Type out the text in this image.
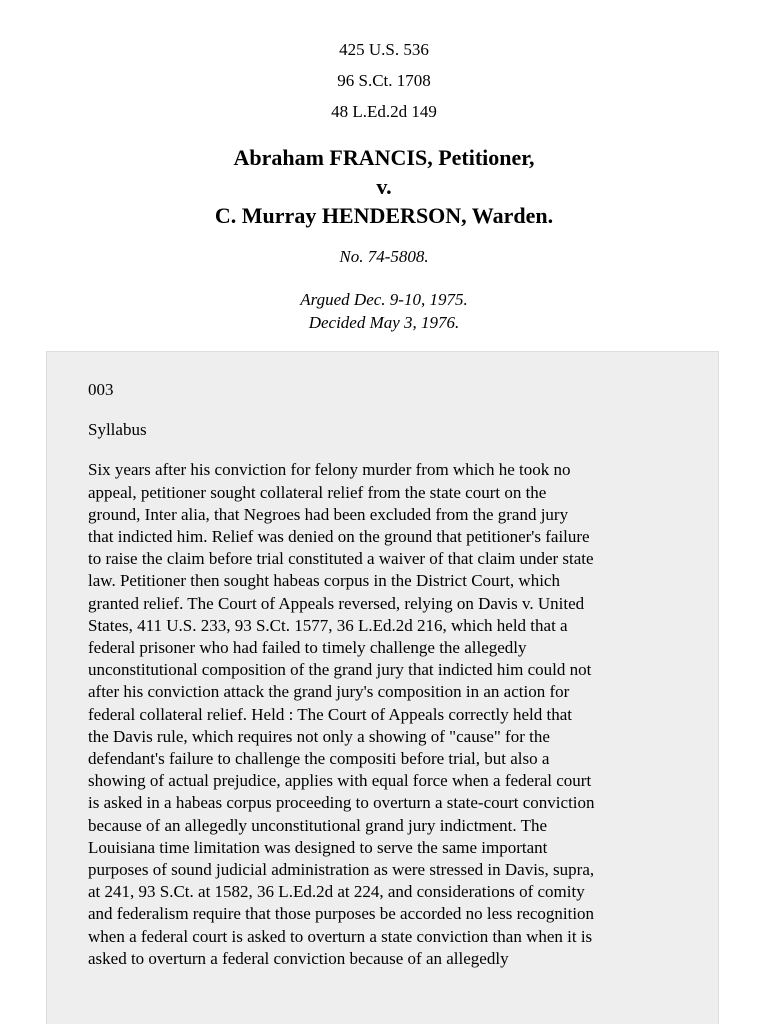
425 U.S. 536
96 S.Ct. 1708
48 L.Ed.2d 149
Abraham FRANCIS, Petitioner,
v.
C. Murray HENDERSON, Warden.
No. 74-5808.
Argued Dec. 9-10, 1975.
Decided May 3, 1976.

003

Syllabus

Six years after his conviction for felony murder from which he took no
appeal, petitioner sought collateral relief from the state court on the
ground, Inter alia, that Negroes had been excluded from the grand jury
that indicted him. Relief was denied on the ground that petitioner's failure
to raise the claim before trial constituted a waiver of that claim under state
law. Petitioner then sought habeas corpus in the District Court, which
granted relief. The Court of Appeals reversed, relying on Davis v. United
States, 411 U.S. 233, 93 S.Ct. 1577, 36 L.Ed.2d 216, which held that a
federal prisoner who had failed to timely challenge the allegedly
unconstitutional composition of the grand jury that indicted him could not
after his conviction attack the grand jury's composition in an action for
federal collateral relief. Held : The Court of Appeals correctly held that
the Davis rule, which requires not only a showing of "cause" for the
defendant's failure to challenge the compositi before trial, but also a
showing of actual prejudice, applies with equal force when a federal court
is asked in a habeas corpus proceeding to overturn a state-court conviction
because of an allegedly unconstitutional grand jury indictment. The
Louisiana time limitation was designed to serve the same important
purposes of sound judicial administration as were stressed in Davis, supra,
at 241, 93 S.Ct. at 1582, 36 L.Ed.2d at 224, and considerations of comity
and federalism require that those purposes be accorded no less recognition
when a federal court is asked to overturn a state conviction than when it is
asked to overturn a federal conviction because of an allegedly
